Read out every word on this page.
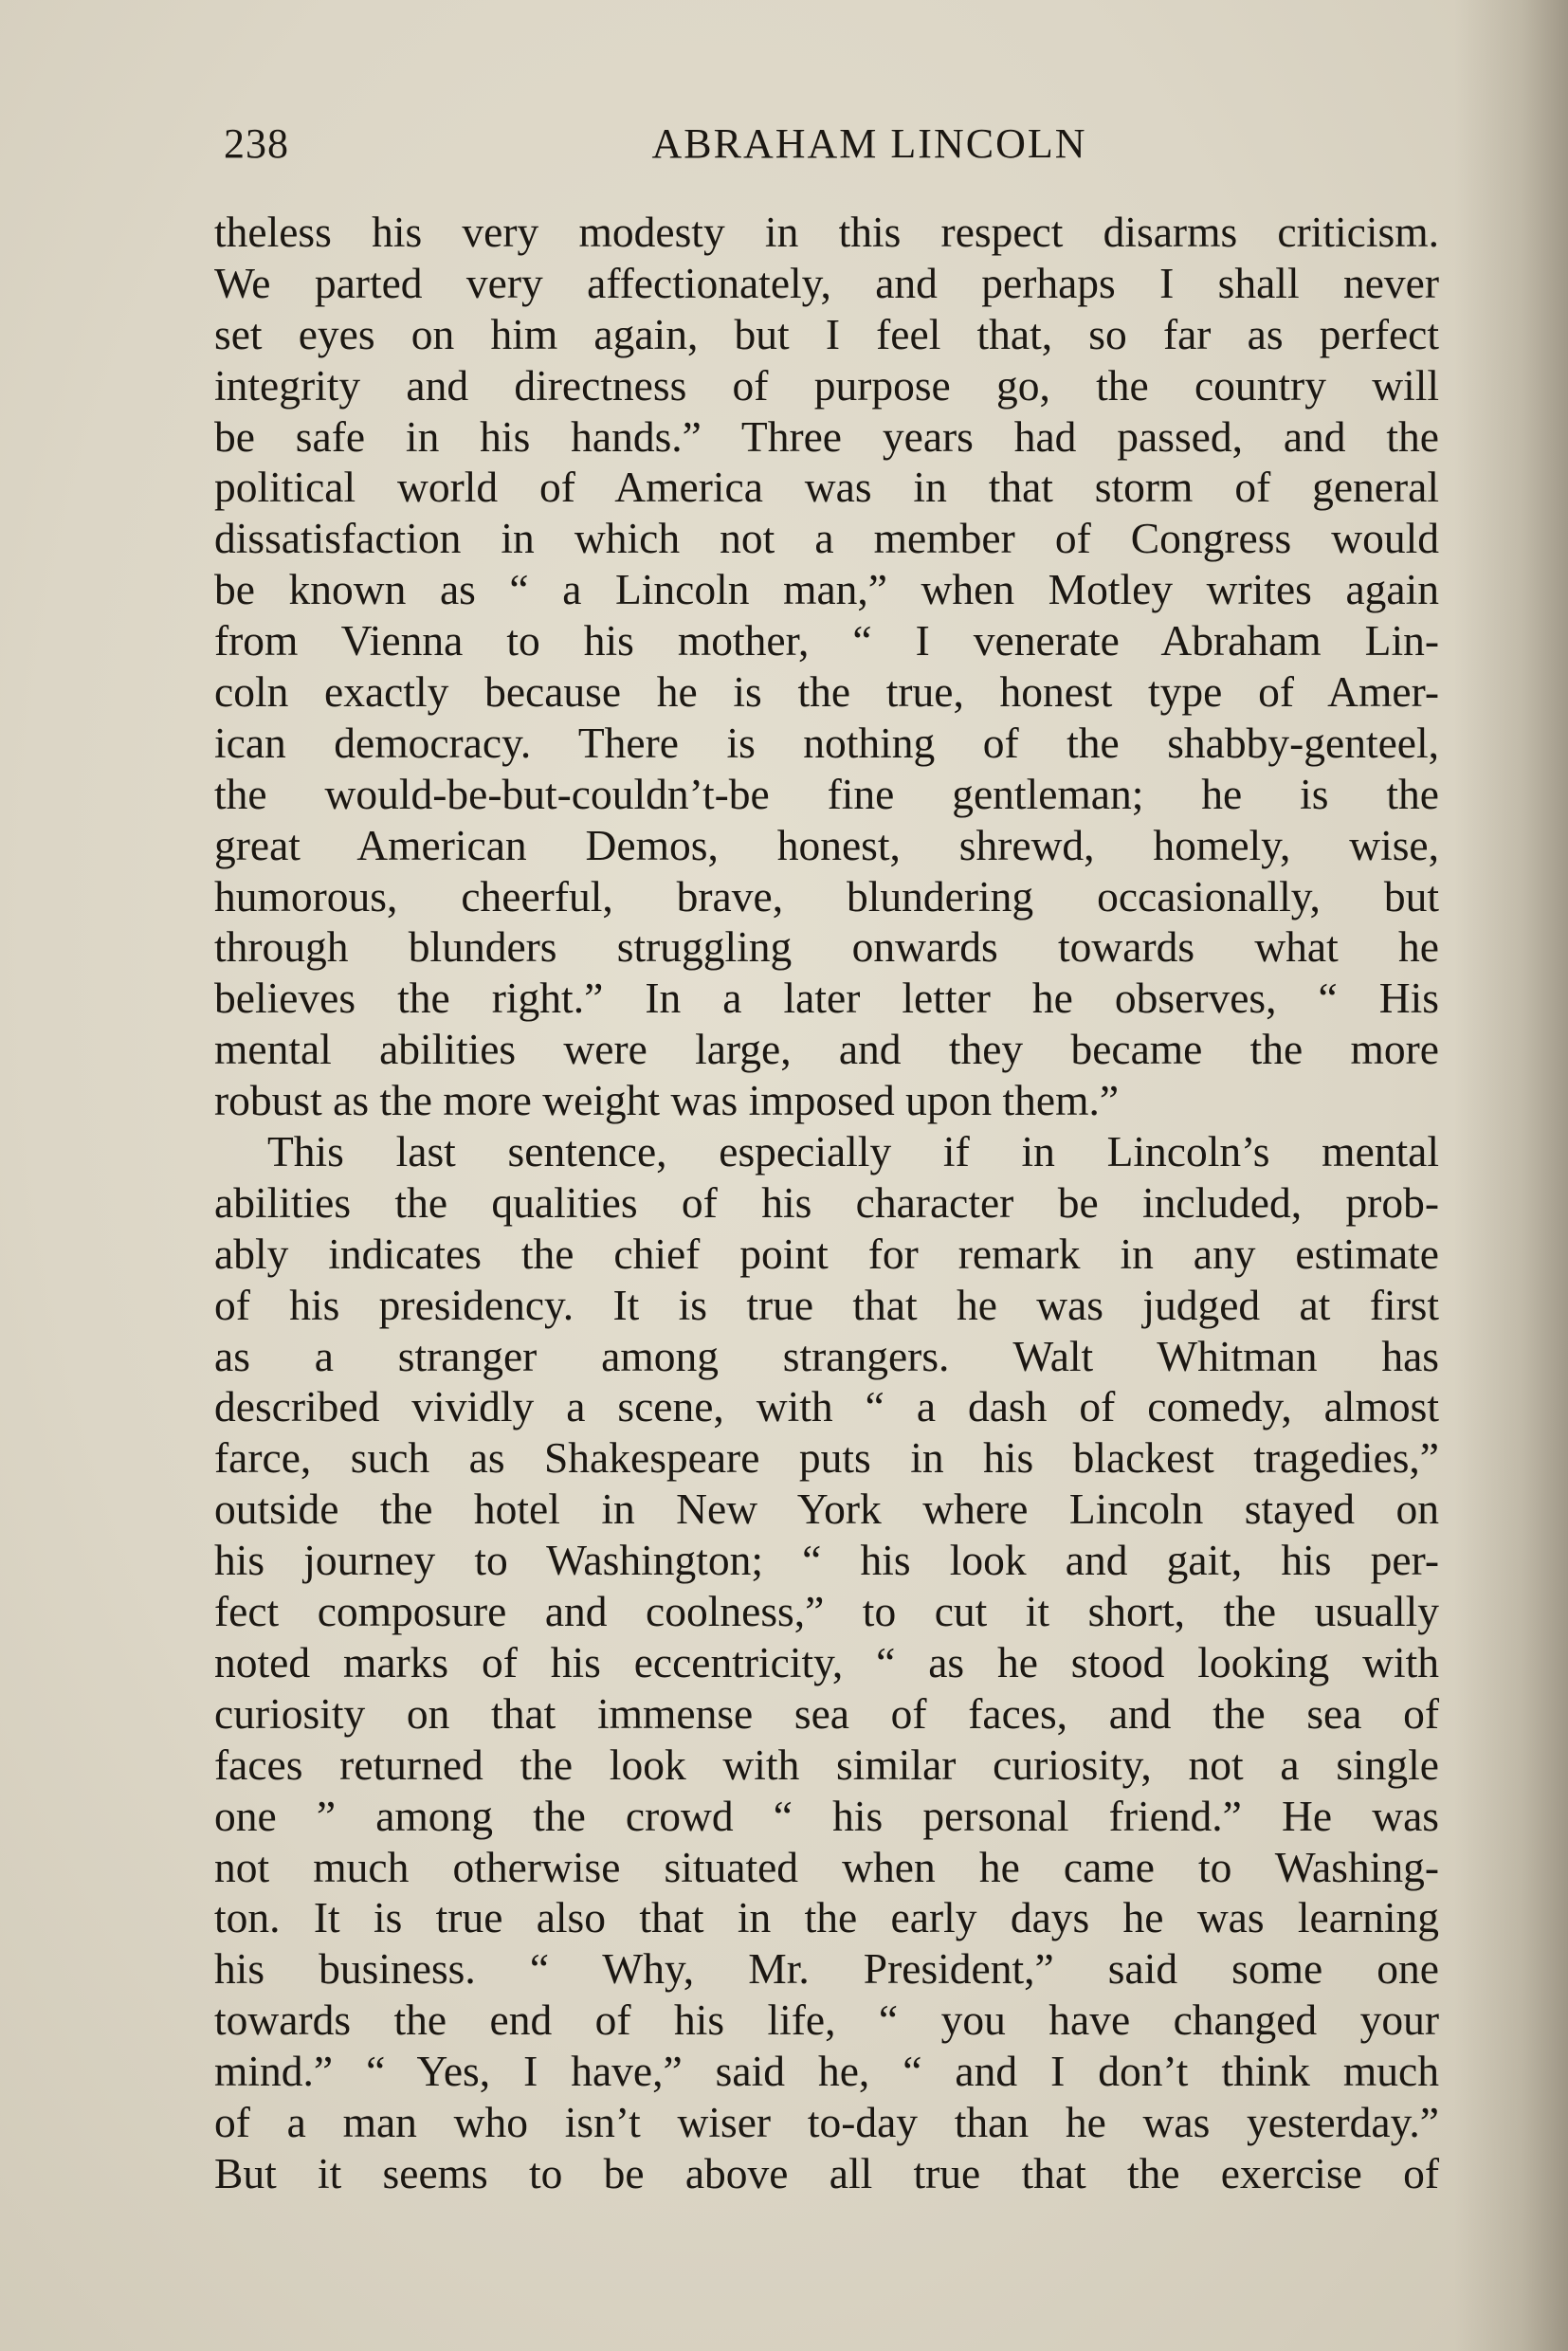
238	ABRAHAM LINCOLN
theless his very modesty in this respect disarms criticism.
We parted very affectionately, and perhaps I shall never
set eyes on him again, but I feel that, so far as perfect
integrity and directness of purpose go, the country will
be safe in his hands.” Three years had passed, and the
political world of America was in that storm of general
dissatisfaction in which not a member of Congress would
be known as “ a Lincoln man,” when Motley writes again
from Vienna to his mother, “ I venerate Abraham Lin-
coln exactly because he is the true, honest type of Amer-
ican democracy. There is nothing of the shabby-genteel,
the would-be-but-couldn’t-be fine gentleman; he is the
great American Demos, honest, shrewd, homely, wise,
humorous, cheerful, brave, blundering occasionally, but
through blunders struggling onwards towards what he
believes the right.” In a later letter he observes, “ His
mental abilities were large, and they became the more
robust as the more weight was imposed upon them.”
This last sentence, especially if in Lincoln’s mental
abilities the qualities of his character be included, prob-
ably indicates the chief point for remark in any estimate
of his presidency. It is true that he was judged at first
as a stranger among strangers. Walt Whitman has
described vividly a scene, with “ a dash of comedy, almost
farce, such as Shakespeare puts in his blackest tragedies,”
outside the hotel in New York where Lincoln stayed on
his journey to Washington; “ his look and gait, his per-
fect composure and coolness,” to cut it short, the usually
noted marks of his eccentricity, “ as he stood looking with
curiosity on that immense sea of faces, and the sea of
faces returned the look with similar curiosity, not a single
one ” among the crowd “ his personal friend.” He was
not much otherwise situated when he came to Washing-
ton. It is true also that in the early days he was learning
his business. “ Why, Mr. President,” said some one
towards the end of his life, “ you have changed your
mind.” “ Yes, I have,” said he, “ and I don’t think much
of a man who isn’t wiser to-day than he was yesterday.”
But it seems to be above all true that the exercise of
